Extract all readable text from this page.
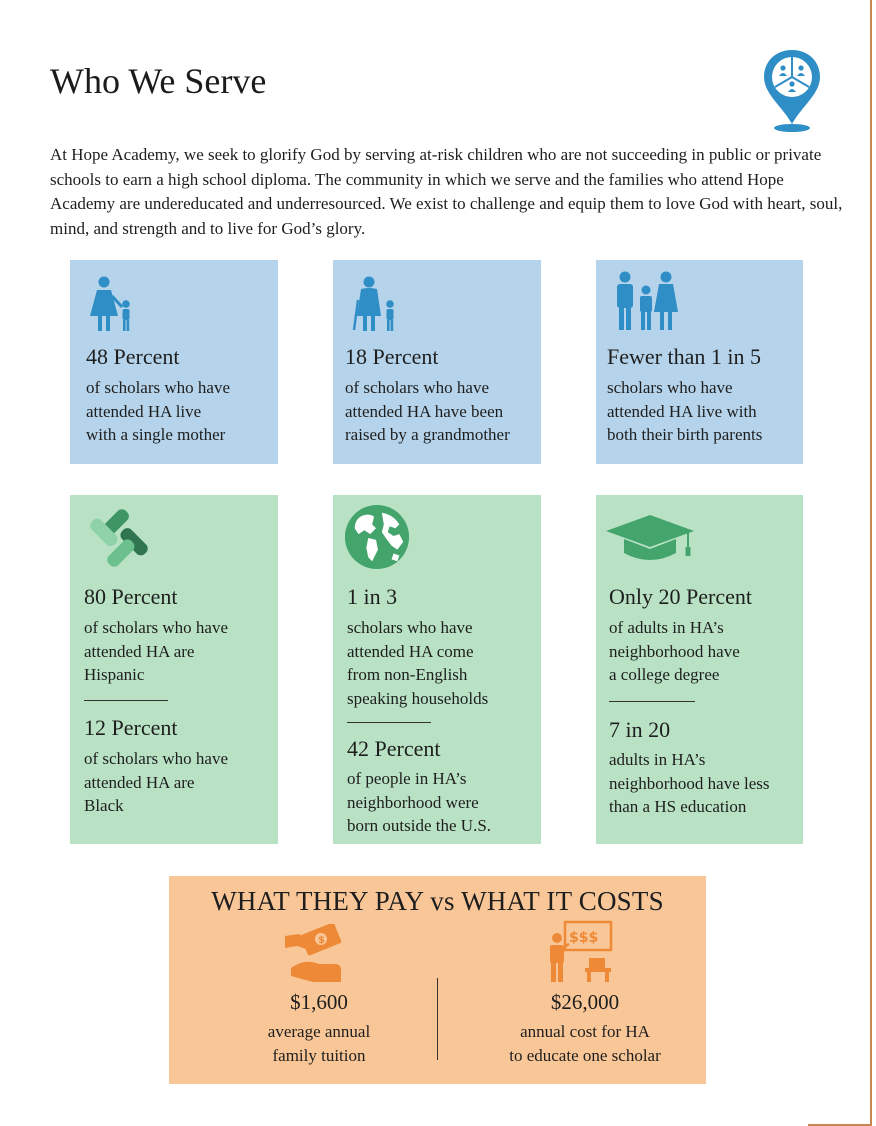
Who We Serve

At Hope Academy, we seek to glorify God by serving at-risk children who are not succeeding in public or private schools to earn a high school diploma. The community in which we serve and the families who attend Hope Academy are undereducated and underresourced. We exist to challenge and equip them to love God with heart, soul, mind, and strength and to live for God’s glory.

48 Percent
of scholars who have
attended HA live
with a single mother
18 Percent
of scholars who have
attended HA have been
raised by a grandmother
Fewer than 1 in 5
scholars who have
attended HA live with
both their birth parents
80 Percent
of scholars who have
attended HA are
Hispanic
12 Percent
of scholars who have
attended HA are
Black
1 in 3
scholars who have
attended HA come
from non-English
speaking households
42 Percent
of people in HA’s
neighborhood were
born outside the U.S.
Only 20 Percent
of adults in HA’s
neighborhood have
a college degree
7 in 20
adults in HA’s
neighborhood have less
than a HS education
WHAT THEY PAY vs WHAT IT COSTS
$	$$$
$1,600
average annual
family tuition
$26,000
annual cost for HA
to educate one scholar
